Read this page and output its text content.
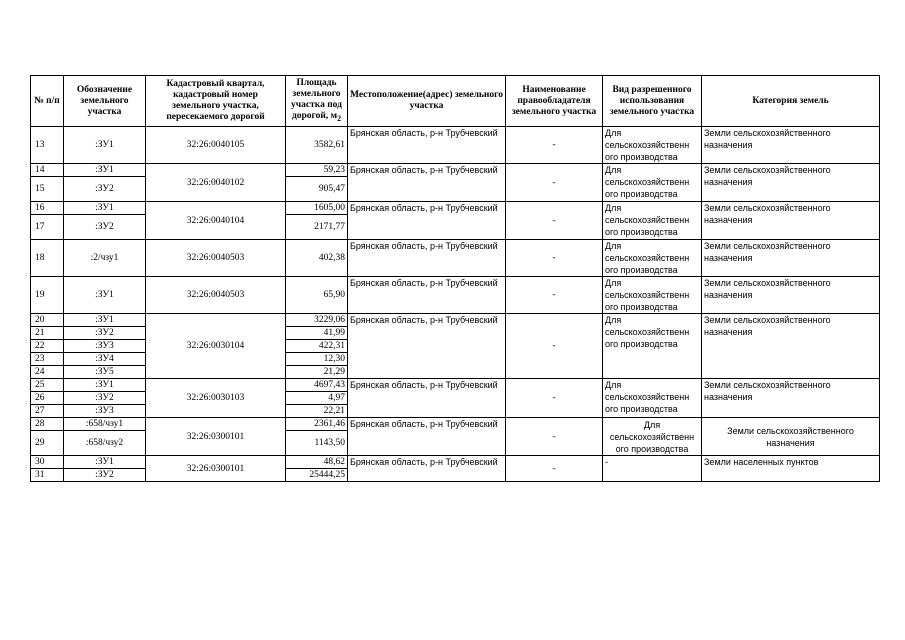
№ п/п	Обозначение земельного участка	Кадастровый квартал, кадастровый номер земельного участка, пересекаемого дорогой	Площадь земельного участка под дорогой, $м_2$	Местоположение(адрес) земельного участка	Наименование правообладателя земельного участка	Вид разрешенного использования земельного участка	Категория земель
13	:ЗУ1	32:26:0040105	3582,61	Брянская область, р-н Трубчевский	-	Для сельскохозяйственн ого производства	Земли сельскохозяйственного назначения
14	:ЗУ1	32:26:0040102	59,23	Брянская область, р-н Трубчевский	-	Для сельскохозяйственн ого производства	Земли сельскохозяйственного назначения
15	:ЗУ2		905,47				
16	:ЗУ1	32:26:0040104	1605,00	Брянская область, р-н Трубчевский	-	Для сельскохозяйственн ого производства	Земли сельскохозяйственного назначения
17	:ЗУ2		2171,77				
18	:2/чзу1	32:26:0040503	402,38	Брянская область, р-н Трубчевский	-	Для сельскохозяйственн ого производства	Земли сельскохозяйственного назначения
19	:ЗУ1	32:26:0040503	65,90	Брянская область, р-н Трубчевский	-	Для сельскохозяйственн ого производства	Земли сельскохозяйственного назначения
20	:ЗУ1	32:26:0030104	3229,06	Брянская область, р-н Трубчевский	-	Для сельскохозяйственн ого производства	Земли сельскохозяйственного назначения
21	:ЗУ2		41,99				
22	:ЗУ3		422,31				
23	:ЗУ4		12,30				
24	:ЗУ5		21,29				
25	:ЗУ1	32:26:0030103	4697,43	Брянская область, р-н Трубчевский	-	Для сельскохозяйственн ого производства	Земли сельскохозяйственного назначения
26	:ЗУ2		4,97				
27	:ЗУ3		22,21				
28	:658/чзу1	32:26:0300101	2361,46	Брянская область, р-н Трубчевский	-	Для сельскохозяйственн ого производства	Земли сельскохозяйственного назначения
29	:658/чзу2		1143,50				
30	:ЗУ1	32:26:0300101	48,62	Брянская область, р-н Трубчевский	-	-	Земли населенных пунктов
31	:ЗУ2		25444,25				
